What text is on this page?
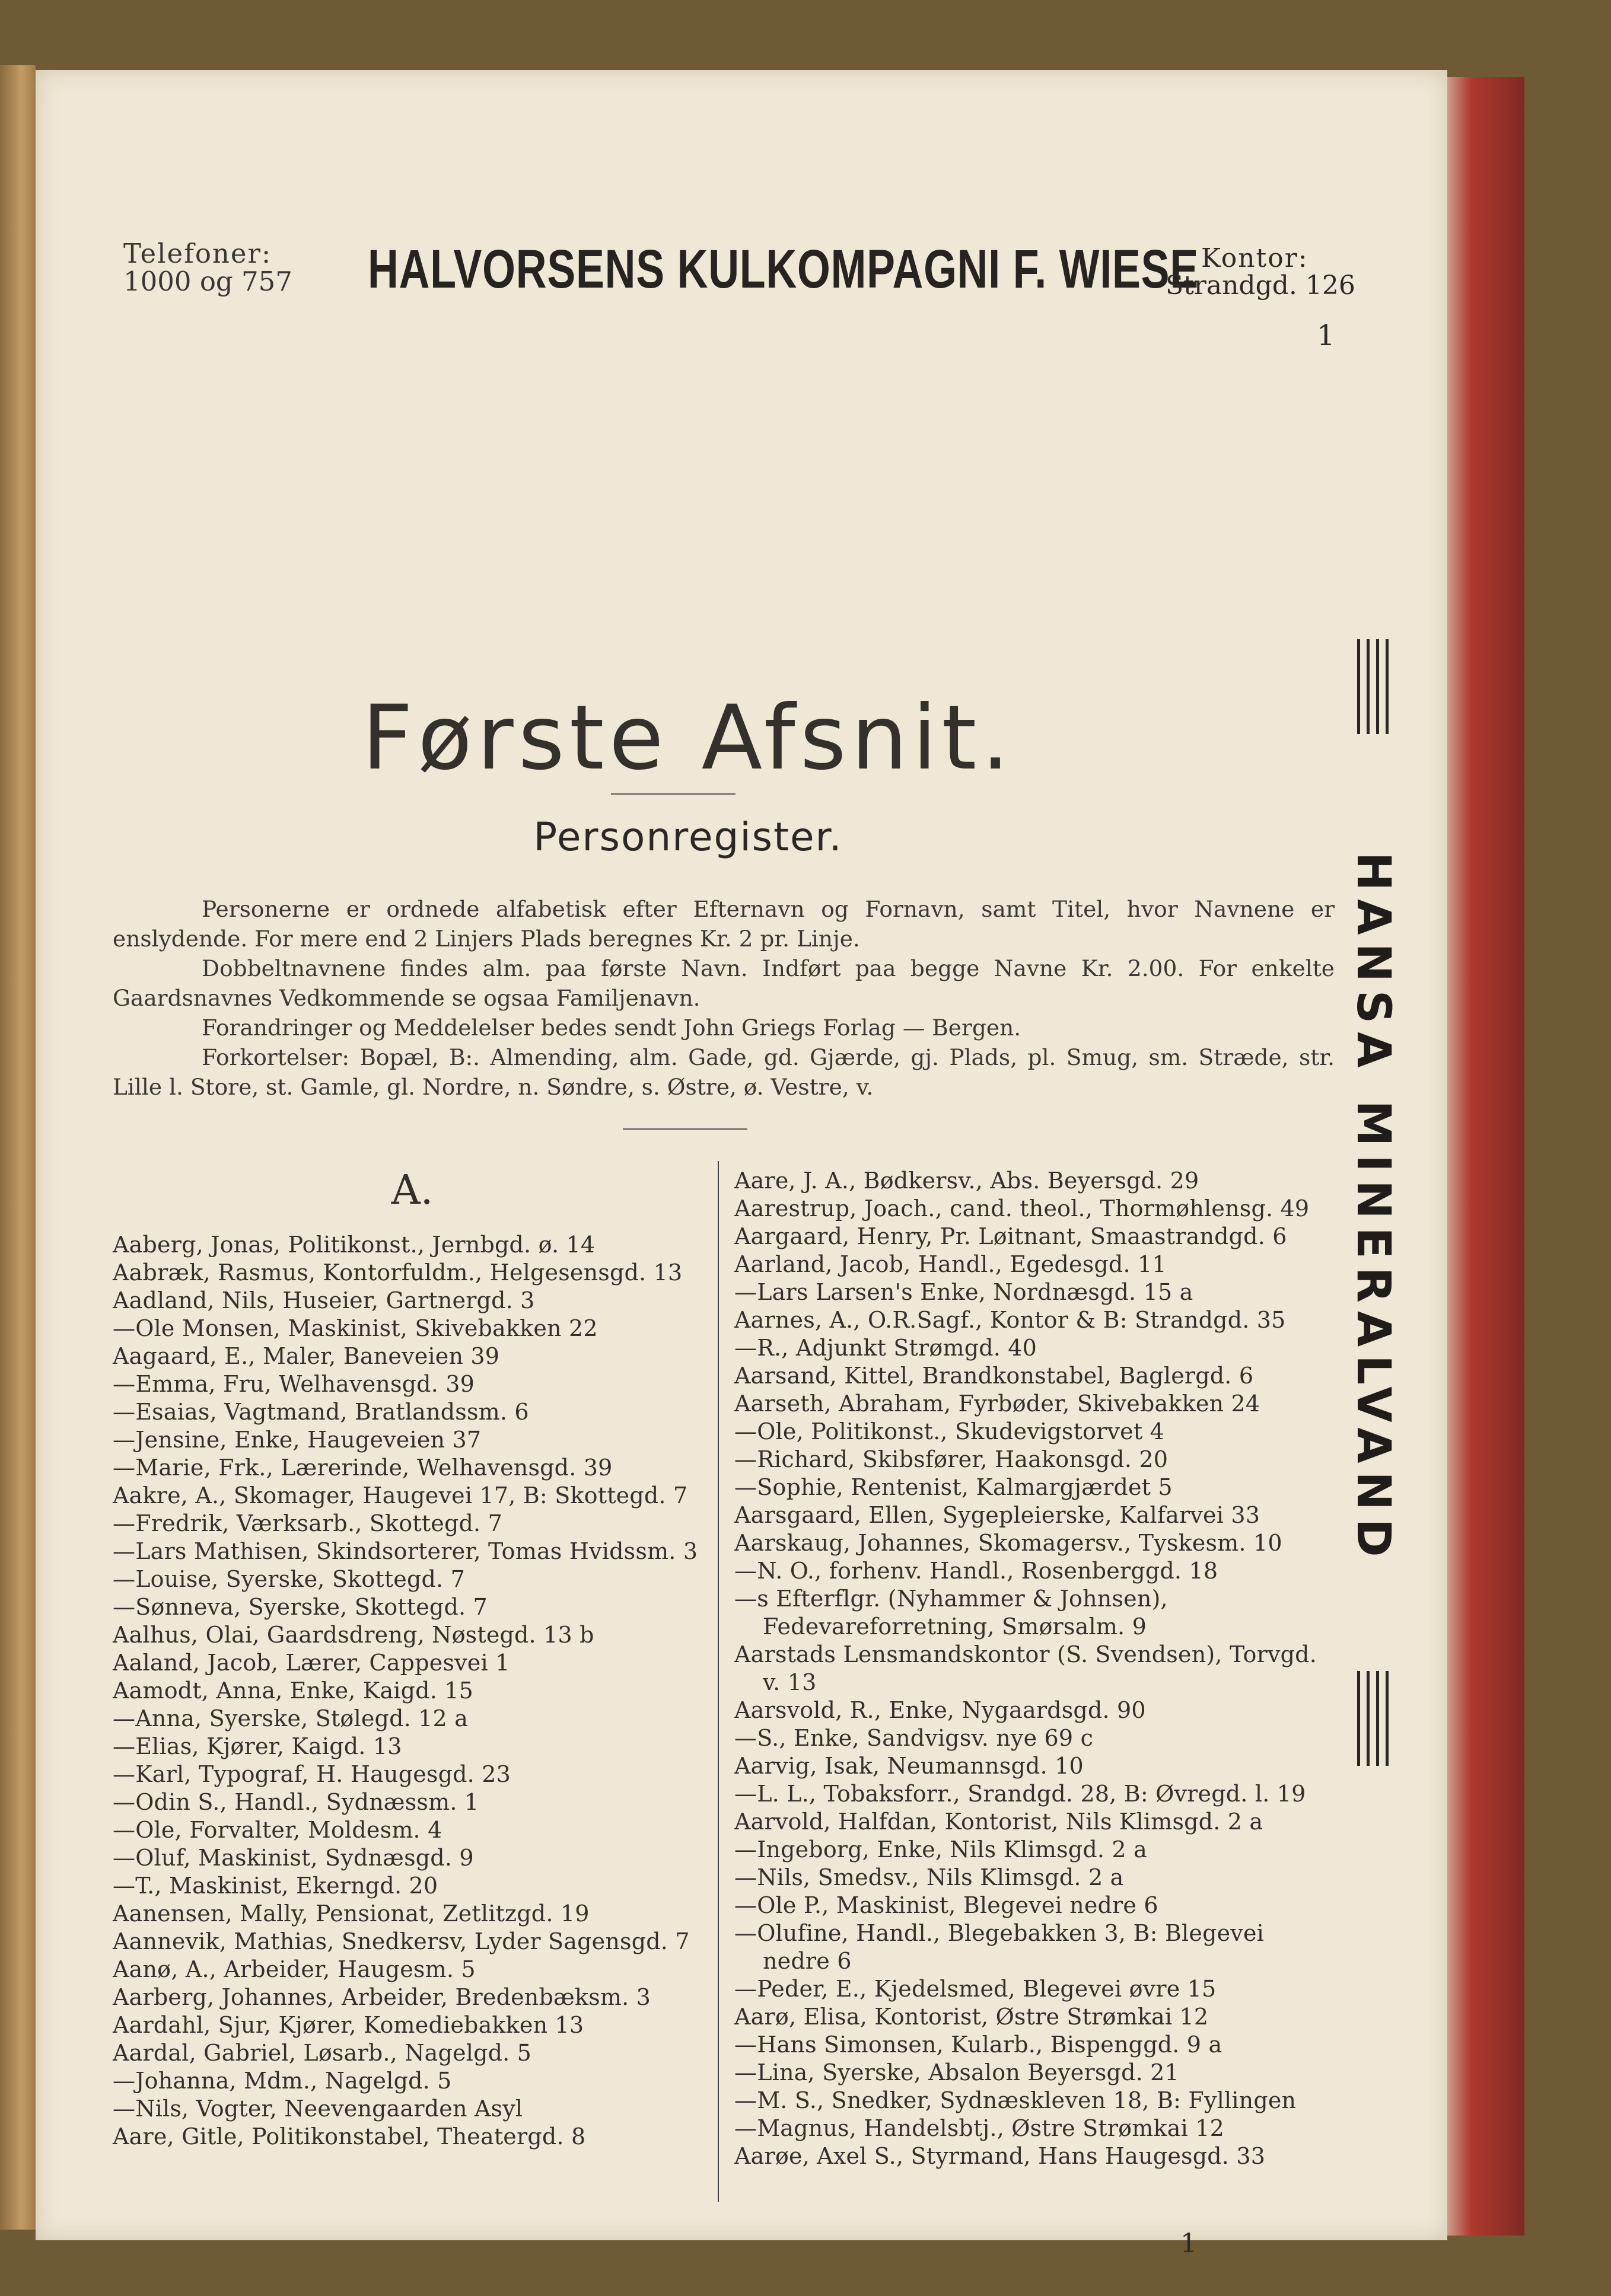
Telefoner:
1000 og 757 HALVORSENS KULKOMPAGNI F. WIESE Kontor:
Strandgd. 126
1
Første Afsnit.
Personregister.

Personerne er ordnede alfabetisk efter Efternavn og Fornavn, samt Titel, hvor Navnene er enslydende. For mere end 2 Linjers Plads beregnes Kr. 2 pr. Linje.

Dobbeltnavnene findes alm. paa første Navn. Indført paa begge Navne Kr. 2.00. For enkelte Gaardsnavnes Vedkommende se ogsaa Familjenavn.

Forandringer og Meddelelser bedes sendt John Griegs Forlag — Bergen.

Forkortelser: Bopæl, B:. Almending, alm. Gade, gd. Gjærde, gj. Plads, pl. Smug, sm. Stræde, str. Lille l. Store, st. Gamle, gl. Nordre, n. Søndre, s. Østre, ø. Vestre, v.

A.

Aaberg, Jonas, Politikonst., Jernbgd. ø. 14

Aabræk, Rasmus, Kontorfuldm., Helgesensgd. 13

Aadland, Nils, Huseier, Gartnergd. 3

—Ole Monsen, Maskinist, Skivebakken 22

Aagaard, E., Maler, Baneveien 39

—Emma, Fru, Welhavensgd. 39

—Esaias, Vagtmand, Bratlandssm. 6

—Jensine, Enke, Haugeveien 37

—Marie, Frk., Lærerinde, Welhavensgd. 39

Aakre, A., Skomager, Haugevei 17, B: Skottegd. 7

—Fredrik, Værksarb., Skottegd. 7

—Lars Mathisen, Skindsorterer, Tomas Hvidssm. 3

—Louise, Syerske, Skottegd. 7

—Sønneva, Syerske, Skottegd. 7

Aalhus, Olai, Gaardsdreng, Nøstegd. 13 b

Aaland, Jacob, Lærer, Cappesvei 1

Aamodt, Anna, Enke, Kaigd. 15

—Anna, Syerske, Stølegd. 12 a

—Elias, Kjører, Kaigd. 13

—Karl, Typograf, H. Haugesgd. 23

—Odin S., Handl., Sydnæssm. 1

—Ole, Forvalter, Moldesm. 4

—Oluf, Maskinist, Sydnæsgd. 9

—T., Maskinist, Ekerngd. 20

Aanensen, Mally, Pensionat, Zetlitzgd. 19

Aannevik, Mathias, Snedkersv, Lyder Sagensgd. 7

Aanø, A., Arbeider, Haugesm. 5

Aarberg, Johannes, Arbeider, Bredenbæksm. 3

Aardahl, Sjur, Kjører, Komediebakken 13

Aardal, Gabriel, Løsarb., Nagelgd. 5

—Johanna, Mdm., Nagelgd. 5

—Nils, Vogter, Neevengaarden Asyl

Aare, Gitle, Politikonstabel, Theatergd. 8

Aare, J. A., Bødkersv., Abs. Beyersgd. 29

Aarestrup, Joach., cand. theol., Thormøhlensg. 49

Aargaard, Henry, Pr. Løitnant, Smaastrandgd. 6

Aarland, Jacob, Handl., Egedesgd. 11

—Lars Larsen's Enke, Nordnæsgd. 15 a

Aarnes, A., O.R.Sagf., Kontor & B: Strandgd. 35

—R., Adjunkt Strømgd. 40

Aarsand, Kittel, Brandkonstabel, Baglergd. 6

Aarseth, Abraham, Fyrbøder, Skivebakken 24

—Ole, Politikonst., Skudevigstorvet 4

—Richard, Skibsfører, Haakonsgd. 20

—Sophie, Rentenist, Kalmargjærdet 5

Aarsgaard, Ellen, Sygepleierske, Kalfarvei 33

Aarskaug, Johannes, Skomagersv., Tyskesm. 10

—N. O., forhenv. Handl., Rosenberggd. 18

—s Efterflgr. (Nyhammer & Johnsen), Fedevareforretning, Smørsalm. 9

Aarstads Lensmandskontor (S. Svendsen), Torvgd. v. 13

Aarsvold, R., Enke, Nygaardsgd. 90

—S., Enke, Sandvigsv. nye 69 c

Aarvig, Isak, Neumannsgd. 10

—L. L., Tobaksforr., Srandgd. 28, B: Øvregd. l. 19

Aarvold, Halfdan, Kontorist, Nils Klimsgd. 2 a

—Ingeborg, Enke, Nils Klimsgd. 2 a

—Nils, Smedsv., Nils Klimsgd. 2 a

—Ole P., Maskinist, Blegevei nedre 6

—Olufine, Handl., Blegebakken 3, B: Blegevei nedre 6

—Peder, E., Kjedelsmed, Blegevei øvre 15

Aarø, Elisa, Kontorist, Østre Strømkai 12

—Hans Simonsen, Kularb., Bispenggd. 9 a

—Lina, Syerske, Absalon Beyersgd. 21

—M. S., Snedker, Sydnæskleven 18, B: Fyllingen

—Magnus, Handelsbtj., Østre Strømkai 12

Aarøe, Axel S., Styrmand, Hans Haugesgd. 33

HANSA MINERALVAND
1
